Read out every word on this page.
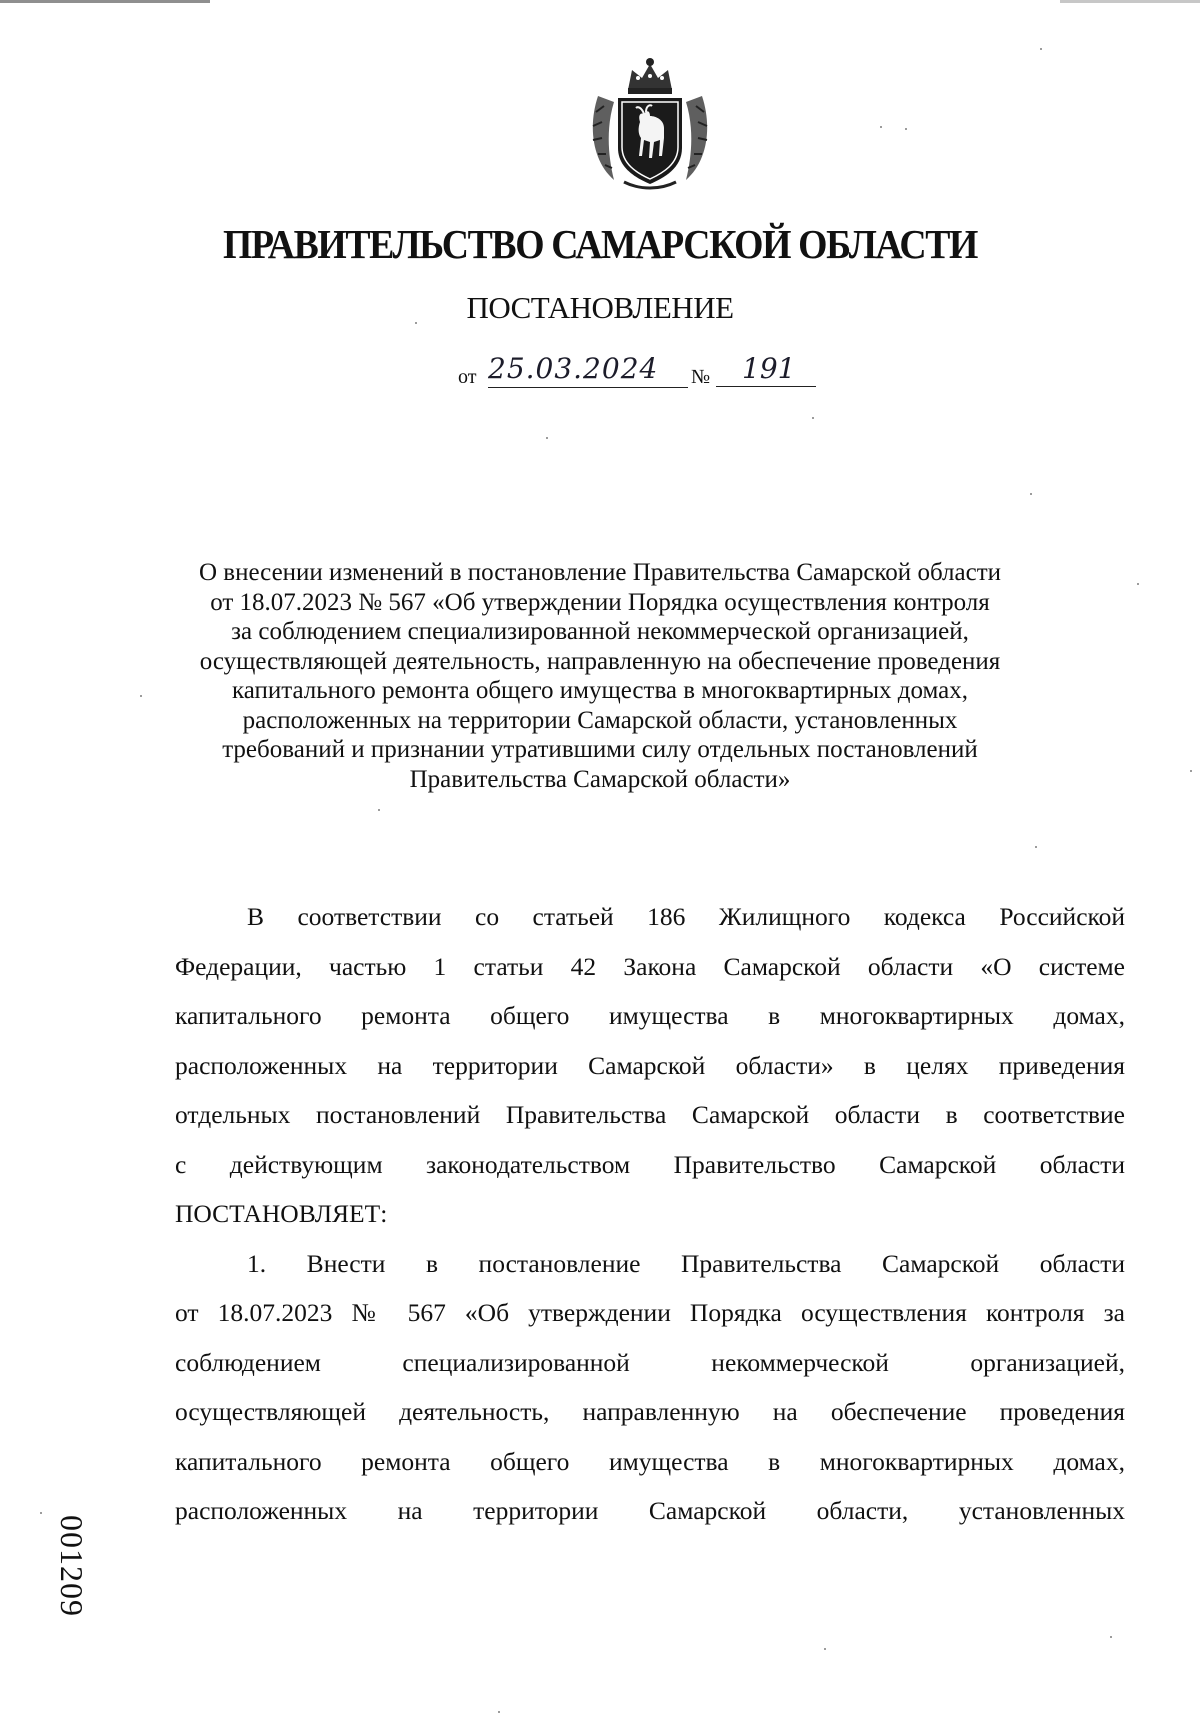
ПРАВИТЕЛЬСТВО САМАРСКОЙ ОБЛАСТИ
ПОСТАНОВЛЕНИЕ
от 25.03.2024	№	191
О внесении изменений в постановление Правительства Самарской области
от 18.07.2023 № 567 «Об утверждении Порядка осуществления контроля
за соблюдением специализированной некоммерческой организацией,
осуществляющей деятельность, направленную на обеспечение проведения
капитального ремонта общего имущества в многоквартирных домах,
расположенных на территории Самарской области, установленных
требований и признании утратившими силу отдельных постановлений
Правительства Самарской области»
В соответствии со статьей 186 Жилищного кодекса Российской
Федерации, частью 1 статьи 42 Закона Самарской области «О системе
капитального ремонта общего имущества в многоквартирных домах,
расположенных на территории Самарской области» в целях приведения
отдельных постановлений Правительства Самарской области в соответствие
с действующим законодательством Правительство Самарской области
ПОСТАНОВЛЯЕТ:
1. Внести в постановление Правительства Самарской области
от 18.07.2023 № 567 «Об утверждении Порядка осуществления контроля за
соблюдением специализированной некоммерческой организацией,
осуществляющей деятельность, направленную на обеспечение проведения
капитального ремонта общего имущества в многоквартирных домах,
расположенных на территории Самарской области, установленных
001209
